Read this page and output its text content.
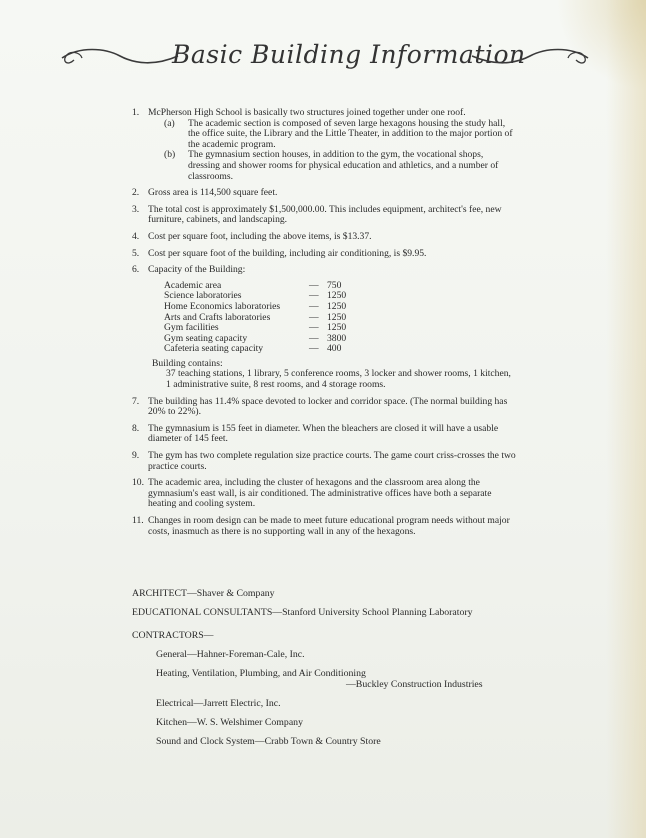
Basic Building Information
1. McPherson High School is basically two structures joined together under one roof.
(a) The academic section is composed of seven large hexagons housing the study hall, the office suite, the Library and the Little Theater, in addition to the major portion of the academic program.
(b) The gymnasium section houses, in addition to the gym, the vocational shops, dressing and shower rooms for physical education and athletics, and a number of classrooms.
2. Gross area is 114,500 square feet.
3. The total cost is approximately $1,500,000.00. This includes equipment, architect's fee, new furniture, cabinets, and landscaping.
4. Cost per square foot, including the above items, is $13.37.
5. Cost per square foot of the building, including air conditioning, is $9.95.
6. Capacity of the Building:
Academic area	— 750
Science laboratories	— 1250
Home Economics laboratories	— 1250
Arts and Crafts laboratories	— 1250
Gym facilities	— 1250
Gym seating capacity	— 3800
Cafeteria seating capacity	— 400
Building contains:
37 teaching stations, 1 library, 5 conference rooms, 3 locker and shower rooms, 1 kitchen, 1 administrative suite, 8 rest rooms, and 4 storage rooms.
7. The building has 11.4% space devoted to locker and corridor space. (The normal building has 20% to 22%).
8. The gymnasium is 155 feet in diameter. When the bleachers are closed it will have a usable diameter of 145 feet.
9. The gym has two complete regulation size practice courts. The game court criss-crosses the two practice courts.
10. The academic area, including the cluster of hexagons and the classroom area along the gymnasium's east wall, is air conditioned. The administrative offices have both a separate heating and cooling system.
11. Changes in room design can be made to meet future educational program needs without major costs, inasmuch as there is no supporting wall in any of the hexagons.
ARCHITECT—Shaver & Company
EDUCATIONAL CONSULTANTS—Stanford University School Planning Laboratory
CONTRACTORS—
General—Hahner-Foreman-Cale, Inc.
Heating, Ventilation, Plumbing, and Air Conditioning
—Buckley Construction Industries
Electrical—Jarrett Electric, Inc.
Kitchen—W. S. Welshimer Company
Sound and Clock System—Crabb Town & Country Store
